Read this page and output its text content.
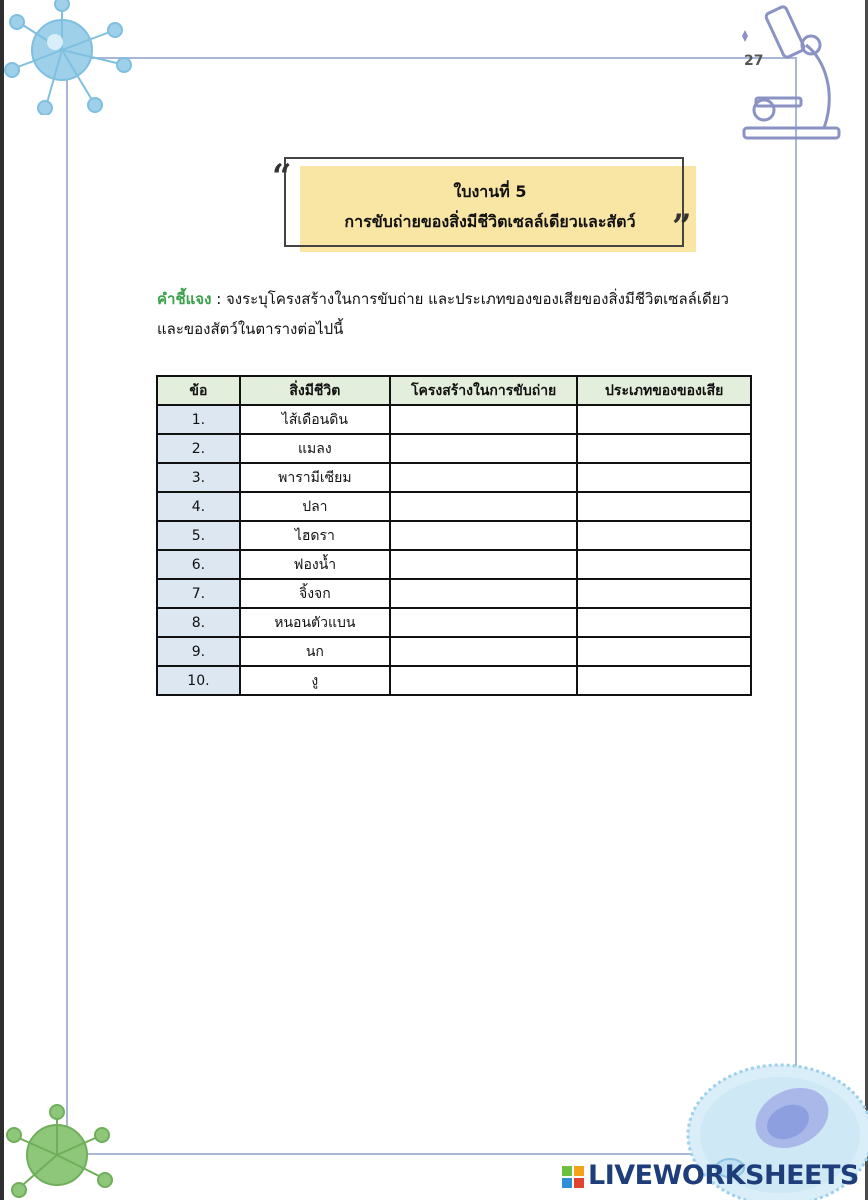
27
“
”
ใบงานที่ 5
การขับถ่ายของสิ่งมีชีวิตเซลล์เดียวและสัตว์
คำชี้แจง : จงระบุโครงสร้างในการขับถ่าย และประเภทของของเสียของสิ่งมีชีวิตเซลล์เดียวและของสัตว์ในตารางต่อไปนี้
ข้อ	สิ่งมีชีวิต	โครงสร้างในการขับถ่าย	ประเภทของของเสีย
1.	ไส้เดือนดิน		
2.	แมลง		
3.	พารามีเซียม		
4.	ปลา		
5.	ไฮดรา		
6.	ฟองน้ำ		
7.	จิ้งจก		
8.	หนอนตัวแบน		
9.	นก		
10.	งู		
LIVEWORKSHEETS
